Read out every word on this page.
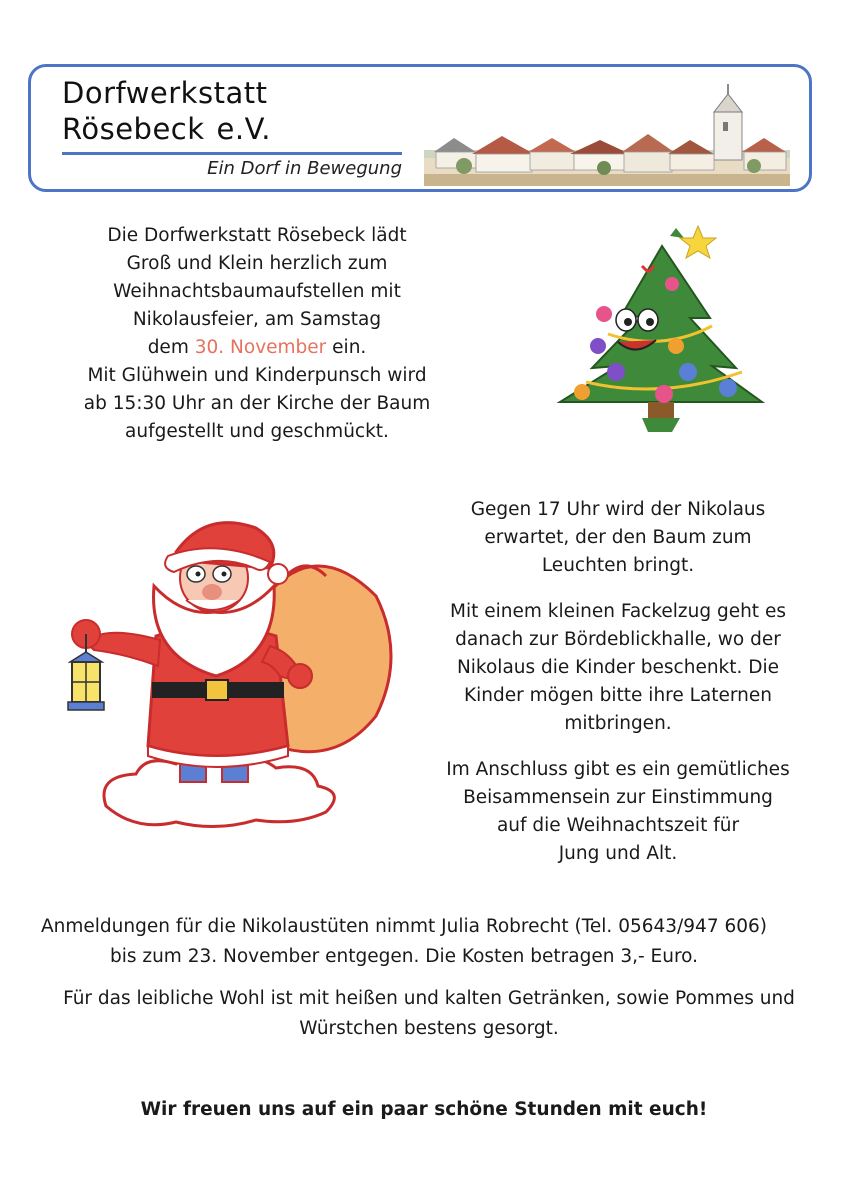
Dorfwerkstatt
Rösebeck e.V.
Ein Dorf in Bewegung
Die Dorfwerkstatt Rösebeck lädt
Groß und Klein herzlich zum
Weihnachtsbaumaufstellen mit
Nikolausfeier, am Samstag
dem 30. November ein.
Mit Glühwein und Kinderpunsch wird
ab 15:30 Uhr an der Kirche der Baum
aufgestellt und geschmückt.

Gegen 17 Uhr wird der Nikolaus
erwartet, der den Baum zum
Leuchten bringt.

Mit einem kleinen Fackelzug geht es
danach zur Bördeblickhalle, wo der
Nikolaus die Kinder beschenkt. Die
Kinder mögen bitte ihre Laternen
mitbringen.

Im Anschluss gibt es ein gemütliches
Beisammensein zur Einstimmung
auf die Weihnachtszeit für
Jung und Alt.

Anmeldungen für die Nikolaustüten nimmt Julia Robrecht (Tel. 05643/947 606)
bis zum 23. November entgegen. Die Kosten betragen 3,- Euro.
Für das leibliche Wohl ist mit heißen und kalten Getränken, sowie Pommes und
Würstchen bestens gesorgt.
Wir freuen uns auf ein paar schöne Stunden mit euch!
